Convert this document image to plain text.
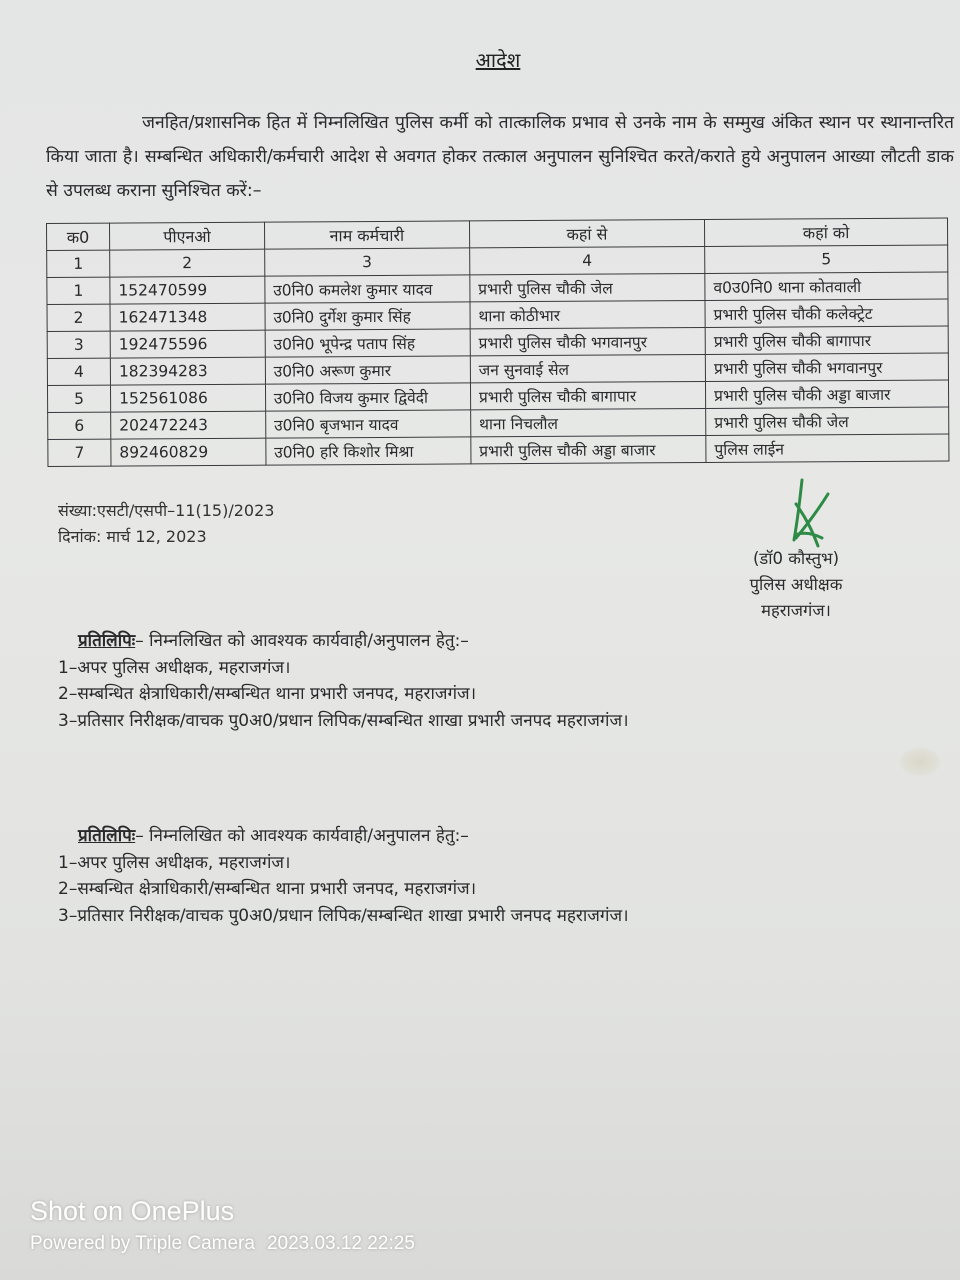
आदेश
जनहित/प्रशासनिक हित में निम्नलिखित पुलिस कर्मी को तात्कालिक प्रभाव से उनके नाम के सम्मुख अंकित स्थान पर स्थानान्तरित किया जाता है। सम्बन्धित अधिकारी/कर्मचारी आदेश से अवगत होकर तत्काल अनुपालन सुनिश्चित करते/कराते हुये अनुपालन आख्या लौटती डाक से उपलब्ध कराना सुनिश्चित करें:–
क0	पीएनओ	नाम कर्मचारी	कहां से	कहां को
1	2	3	4	5
1	152470599	उ0नि0 कमलेश कुमार यादव	प्रभारी पुलिस चौकी जेल	व0उ0नि0 थाना कोतवाली
2	162471348	उ0नि0 दुर्गेश कुमार सिंह	थाना कोठीभार	प्रभारी पुलिस चौकी कलेक्ट्रेट
3	192475596	उ0नि0 भूपेन्द्र पताप सिंह	प्रभारी पुलिस चौकी भगवानपुर	प्रभारी पुलिस चौकी बागापार
4	182394283	उ0नि0 अरूण कुमार	जन सुनवाई सेल	प्रभारी पुलिस चौकी भगवानपुर
5	152561086	उ0नि0 विजय कुमार द्विवेदी	प्रभारी पुलिस चौकी बागापार	प्रभारी पुलिस चौकी अड्डा बाजार
6	202472243	उ0नि0 बृजभान यादव	थाना निचलौल	प्रभारी पुलिस चौकी जेल
7	892460829	उ0नि0 हरि किशोर मिश्रा	प्रभारी पुलिस चौकी अड्डा बाजार	पुलिस लाईन
संख्या:एसटी/एसपी–11(15)/2023
दिनांक: मार्च 12, 2023
(डॉ0 कौस्तुभ)
पुलिस अधीक्षक
महराजगंज।
प्रतिलिपिः– निम्नलिखित को आवश्यक कार्यवाही/अनुपालन हेतु:–
1–अपर पुलिस अधीक्षक, महराजगंज।
2–सम्बन्धित क्षेत्राधिकारी/सम्बन्धित थाना प्रभारी जनपद, महराजगंज।
3–प्रतिसार निरीक्षक/वाचक पु0अ0/प्रधान लिपिक/सम्बन्धित शाखा प्रभारी जनपद महराजगंज।
प्रतिलिपिः– निम्नलिखित को आवश्यक कार्यवाही/अनुपालन हेतु:–
1–अपर पुलिस अधीक्षक, महराजगंज।
2–सम्बन्धित क्षेत्राधिकारी/सम्बन्धित थाना प्रभारी जनपद, महराजगंज।
3–प्रतिसार निरीक्षक/वाचक पु0अ0/प्रधान लिपिक/सम्बन्धित शाखा प्रभारी जनपद महराजगंज।
Shot on OnePlus
Powered by Triple Camera 2023.03.12 22:25
